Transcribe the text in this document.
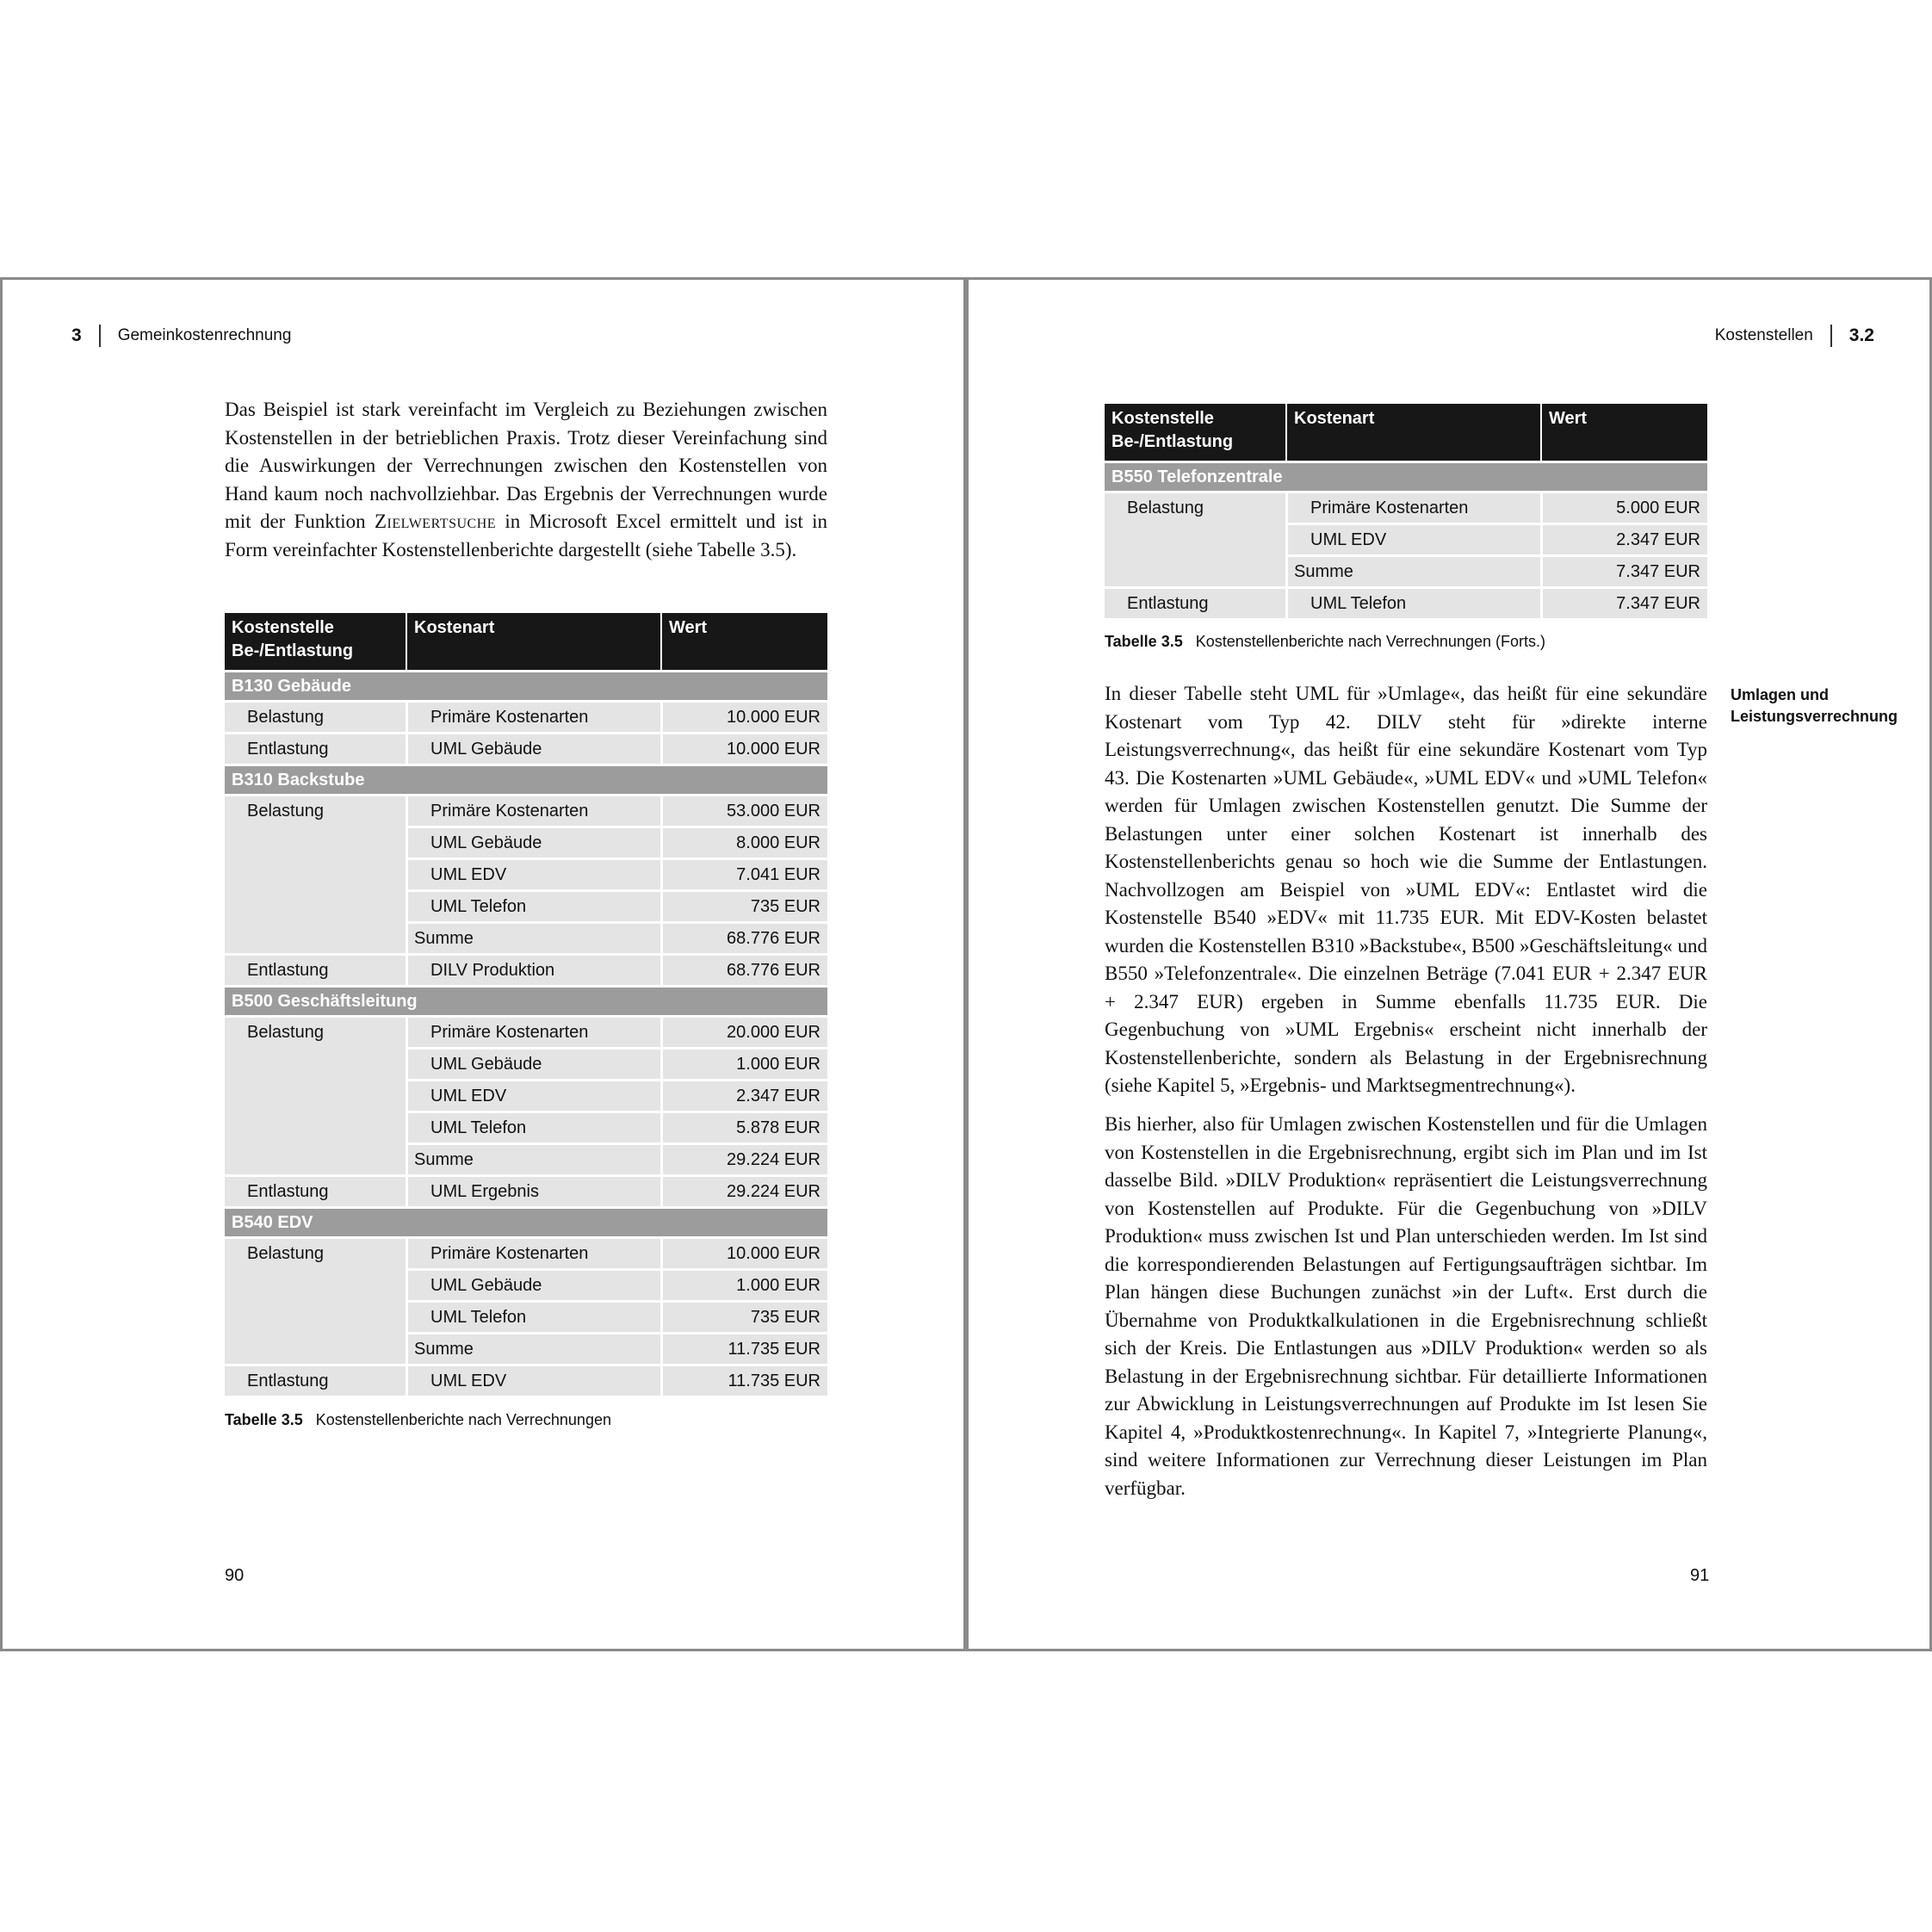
3 Gemeinkostenrechnung

Das Beispiel ist stark vereinfacht im Vergleich zu Beziehungen zwischen Kostenstellen in der betrieblichen Praxis. Trotz dieser Vereinfachung sind die Auswirkungen der Verrechnungen zwischen den Kostenstellen von Hand kaum noch nachvollziehbar. Das Ergebnis der Verrechnungen wurde mit der Funktion Zielwertsuche in Microsoft Excel ermittelt und ist in Form vereinfachter Kostenstellenberichte dargestellt (siehe Tabelle 3.5).

Kostenstelle Be-/Entlastung	Kostenart	Wert
B130 Gebäude		
Belastung	Primäre Kostenarten	10.000 EUR
Entlastung	UML Gebäude	10.000 EUR
B310 Backstube		
Belastung	Primäre Kostenarten	53.000 EUR
	UML Gebäude	8.000 EUR
	UML EDV	7.041 EUR
	UML Telefon	735 EUR
	Summe	68.776 EUR
Entlastung	DILV Produktion	68.776 EUR
B500 Geschäftsleitung		
Belastung	Primäre Kostenarten	20.000 EUR
	UML Gebäude	1.000 EUR
	UML EDV	2.347 EUR
	UML Telefon	5.878 EUR
	Summe	29.224 EUR
Entlastung	UML Ergebnis	29.224 EUR
B540 EDV		
Belastung	Primäre Kostenarten	10.000 EUR
	UML Gebäude	1.000 EUR
	UML Telefon	735 EUR
	Summe	11.735 EUR
Entlastung	UML EDV	11.735 EUR
Tabelle 3.5 Kostenstellenberichte nach Verrechnungen
90
Kostenstellen 3.2
Kostenstelle Be-/Entlastung	Kostenart	Wert
B550 Telefonzentrale		
Belastung	Primäre Kostenarten	5.000 EUR
	UML EDV	2.347 EUR
	Summe	7.347 EUR
Entlastung	UML Telefon	7.347 EUR
Tabelle 3.5 Kostenstellenberichte nach Verrechnungen (Forts.)
Umlagen und Leistungsverrechnung

In dieser Tabelle steht UML für »Umlage«, das heißt für eine sekundäre Kostenart vom Typ 42. DILV steht für »direkte interne Leistungsverrechnung«, das heißt für eine sekundäre Kostenart vom Typ 43. Die Kostenarten »UML Gebäude«, »UML EDV« und »UML Telefon« werden für Umlagen zwischen Kostenstellen genutzt. Die Summe der Belastungen unter einer solchen Kostenart ist innerhalb des Kostenstellenberichts genau so hoch wie die Summe der Entlastungen. Nachvollzogen am Beispiel von »UML EDV«: Entlastet wird die Kostenstelle B540 »EDV« mit 11.735 EUR. Mit EDV-Kosten belastet wurden die Kostenstellen B310 »Backstube«, B500 »Geschäftsleitung« und B550 »Telefonzentrale«. Die einzelnen Beträge (7.041 EUR + 2.347 EUR + 2.347 EUR) ergeben in Summe ebenfalls 11.735 EUR. Die Gegenbuchung von »UML Ergebnis« erscheint nicht innerhalb der Kostenstellenberichte, sondern als Belastung in der Ergebnisrechnung (siehe Kapitel 5, »Ergebnis- und Marktsegmentrechnung«).

Bis hierher, also für Umlagen zwischen Kostenstellen und für die Umlagen von Kostenstellen in die Ergebnisrechnung, ergibt sich im Plan und im Ist dasselbe Bild. »DILV Produktion« repräsentiert die Leistungsverrechnung von Kostenstellen auf Produkte. Für die Gegenbuchung von »DILV Produktion« muss zwischen Ist und Plan unterschieden werden. Im Ist sind die korrespondierenden Belastungen auf Fertigungsaufträgen sichtbar. Im Plan hängen diese Buchungen zunächst »in der Luft«. Erst durch die Übernahme von Produktkalkulationen in die Ergebnisrechnung schließt sich der Kreis. Die Entlastungen aus »DILV Produktion« werden so als Belastung in der Ergebnisrechnung sichtbar. Für detaillierte Informationen zur Abwicklung in Leistungsverrechnungen auf Produkte im Ist lesen Sie Kapitel 4, »Produktkostenrechnung«. In Kapitel 7, »Integrierte Planung«, sind weitere Informationen zur Verrechnung dieser Leistungen im Plan verfügbar.

91
